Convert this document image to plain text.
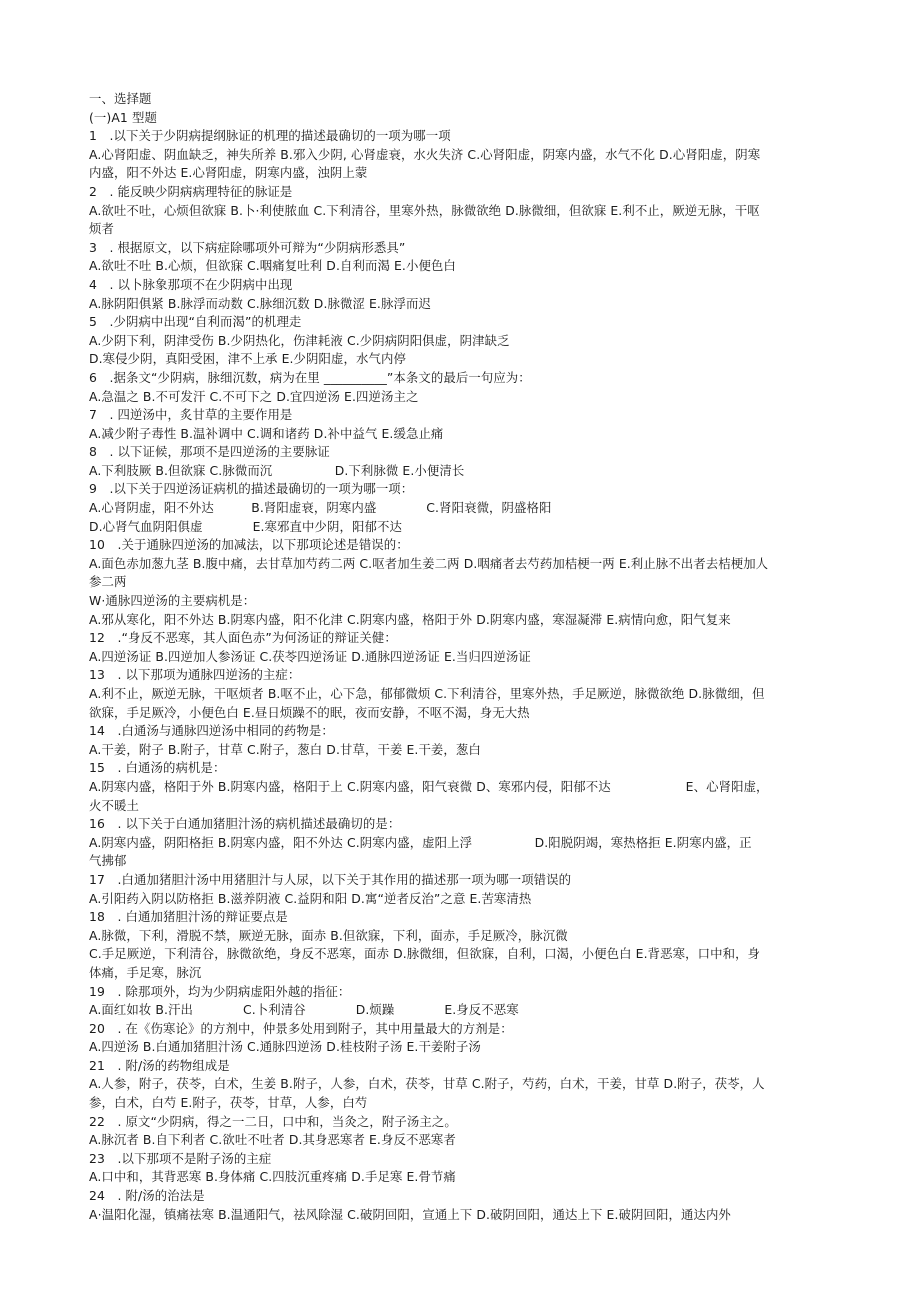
一、选择题
(一)A1 型题
1　.以下关于少阴病提纲脉证的机理的描述最确切的一项为哪一项
A.心肾阳虚、阴血缺乏，神失所养 B.邪入少阴, 心肾虚衰，水火失济 C.心肾阳虚，阴寒内盛，水气不化 D.心肾阳虚，阴寒
内盛，阳不外达 E.心肾阳虚，阴寒内盛，浊阴上蒙
2　. 能反映少阴病病理特征的脉证是
A.欲吐不吐，心烦但欲寐 B.卜·利使脓血 C.下利清谷，里寒外热，脉微欲绝 D.脉微细，但欲寐 E.利不止，厥逆无脉，干呕
烦者
3　. 根据原文，以下病症除哪项外可辩为“少阴病形悉具”
A.欲吐不吐 B.心烦，但欲寐 C.咽痛复吐利 D.自利而渴 E.小便色白
4　. 以卜脉象那项不在少阴病中出现
A.脉阴阳俱紧 B.脉浮而动数 C.脉细沉数 D.脉微涩 E.脉浮而迟
5　.少阴病中出现“自利而渴”的机理走
A.少阴下利，阴津受伤 B.少阴热化，伤津耗液 C.少阴病阴阳俱虚，阴津缺乏
D.寒侵少阴，真阳受困，津不上承 E.少阴阳虚，水气内停
6　.据条文“少阴病，脉细沉数，病为在里 __________”本条文的最后一句应为：
A.急温之 B.不可发汗 C.不可下之 D.宜四逆汤 E.四逆汤主之
7　. 四逆汤中，炙甘草的主要作用是
A.减少附子毒性 B.温补调中 C.调和诸药 D.补中益气 E.缓急止痛
8　. 以下证候，那项不是四逆汤的主要脉证
A.下利肢厥 B.但欲寐 C.脉微而沉　　　　　D.下利脉微 E.小便清长
9　.以下关于四逆汤证病机的描述最确切的一项为哪一项：
A.心肾阴虚，阳不外达　　　B.肾阳虚衰，阴寒内盛　　　　C.肾阳衰微，阴盛格阳
D.心肾气血阴阳俱虚　　　　E.寒邪直中少阴，阳郁不达
10　.关于通脉四逆汤的加减法，以下那项论述是错误的：
A.面色赤加葱九茎 B.腹中痛，去甘草加芍药二两 C.呕者加生姜二两 D.咽痛者去芍药加桔梗一两 E.利止脉不出者去桔梗加人
参二两
W·通脉四逆汤的主要病机是：
A.邪从寒化，阳不外达 B.阴寒内盛，阳不化津 C.阴寒内盛，格阳于外 D.阴寒内盛，寒湿凝滞 E.病情向愈，阳气复来
12　.“身反不恶寒，其人面色赤”为何汤证的辩证关健：
A.四逆汤证 B.四逆加人参汤证 C.茯苓四逆汤证 D.通脉四逆汤证 E.当归四逆汤证
13　. 以下那项为通脉四逆汤的主症：
A.利不止，厥逆无脉，干呕烦者 B.呕不止，心下急，郁郁微烦 C.下利清谷，里寒外热，手足厥逆，脉微欲绝 D.脉微细，但
欲寐，手足厥冷，小便色白 E.昼日烦躁不的眠，夜而安静，不呕不渴，身无大热
14　.白通汤与通脉四逆汤中相同的药物是：
A.干姜，附子 B.附子，甘草 C.附子，葱白 D.甘草，干姜 E.干姜，葱白
15　. 白通汤的病机是：
A.阴寒内盛，格阳于外 B.阴寒内盛，格阳于上 C.阴寒内盛，阳气衰微 D、寒邪内侵，阳郁不达　　　　　　E、心肾阳虚，
火不暖土
16　. 以下关于白通加猪胆汁汤的病机描述最确切的是：
A.阴寒内盛，阴阳格拒 B.阴寒内盛，阳不外达 C.阴寒内盛，虚阳上浮　　　　　D.阳脱阴竭，寒热格拒 E.阴寒内盛，正
气拂郁
17　.白通加猪胆汁汤中用猪胆汁与人尿，以下关于其作用的描述那一项为哪一项错误的
A.引阳药入阴以防格拒 B.滋养阴液 C.益阴和阳 D.寓“逆者反治”之意 E.苦寒清热
18　. 白通加猪胆汁汤的辩证要点是
A.脉微，下利，滑脱不禁，厥逆无脉，面赤 B.但欲寐，下利，面赤，手足厥冷，脉沉微
C.手足厥逆，下利清谷，脉微欲绝，身反不恶寒，面赤 D.脉微细，但欲寐，自利，口渴，小便色白 E.背恶寒，口中和，身
体痛，手足寒，脉沉
19　. 除那项外，均为少阴病虚阳外越的指征：
A.面红如妆 B.汗出　　　　C.卜利清谷　　　　D.烦躁　　　　E.身反不恶寒
20　. 在《伤寒论》的方剂中，仲景多处用到附子，其中用量最大的方剂是：
A.四逆汤 B.白通加猪胆汁汤 C.通脉四逆汤 D.桂枝附子汤 E.干姜附子汤
21　. 附/汤的药物组成是
A.人参，附子，茯苓，白术，生姜 B.附子，人参，白术，茯苓，甘草 C.附子，芍药，白术，干姜，甘草 D.附子，茯苓，人
参，白术，白芍 E.附子，茯苓，甘草，人参，白芍
22　. 原文“少阴病，得之一二日，口中和，当灸之，附子汤主之。
A.脉沉者 B.自下利者 C.欲吐不吐者 D.其身恶寒者 E.身反不恶寒者
23　.以下那项不是附子汤的主症
A.口中和，其背恶寒 B.身体痛 C.四肢沉重疼痛 D.手足寒 E.骨节痛
24　. 附/汤的治法是
A·温阳化湿，镇痛祛寒 B.温通阳气，祛风除湿 C.破阴回阳，宣通上下 D.破阴回阳，通达上下 E.破阴回阳，通达内外
